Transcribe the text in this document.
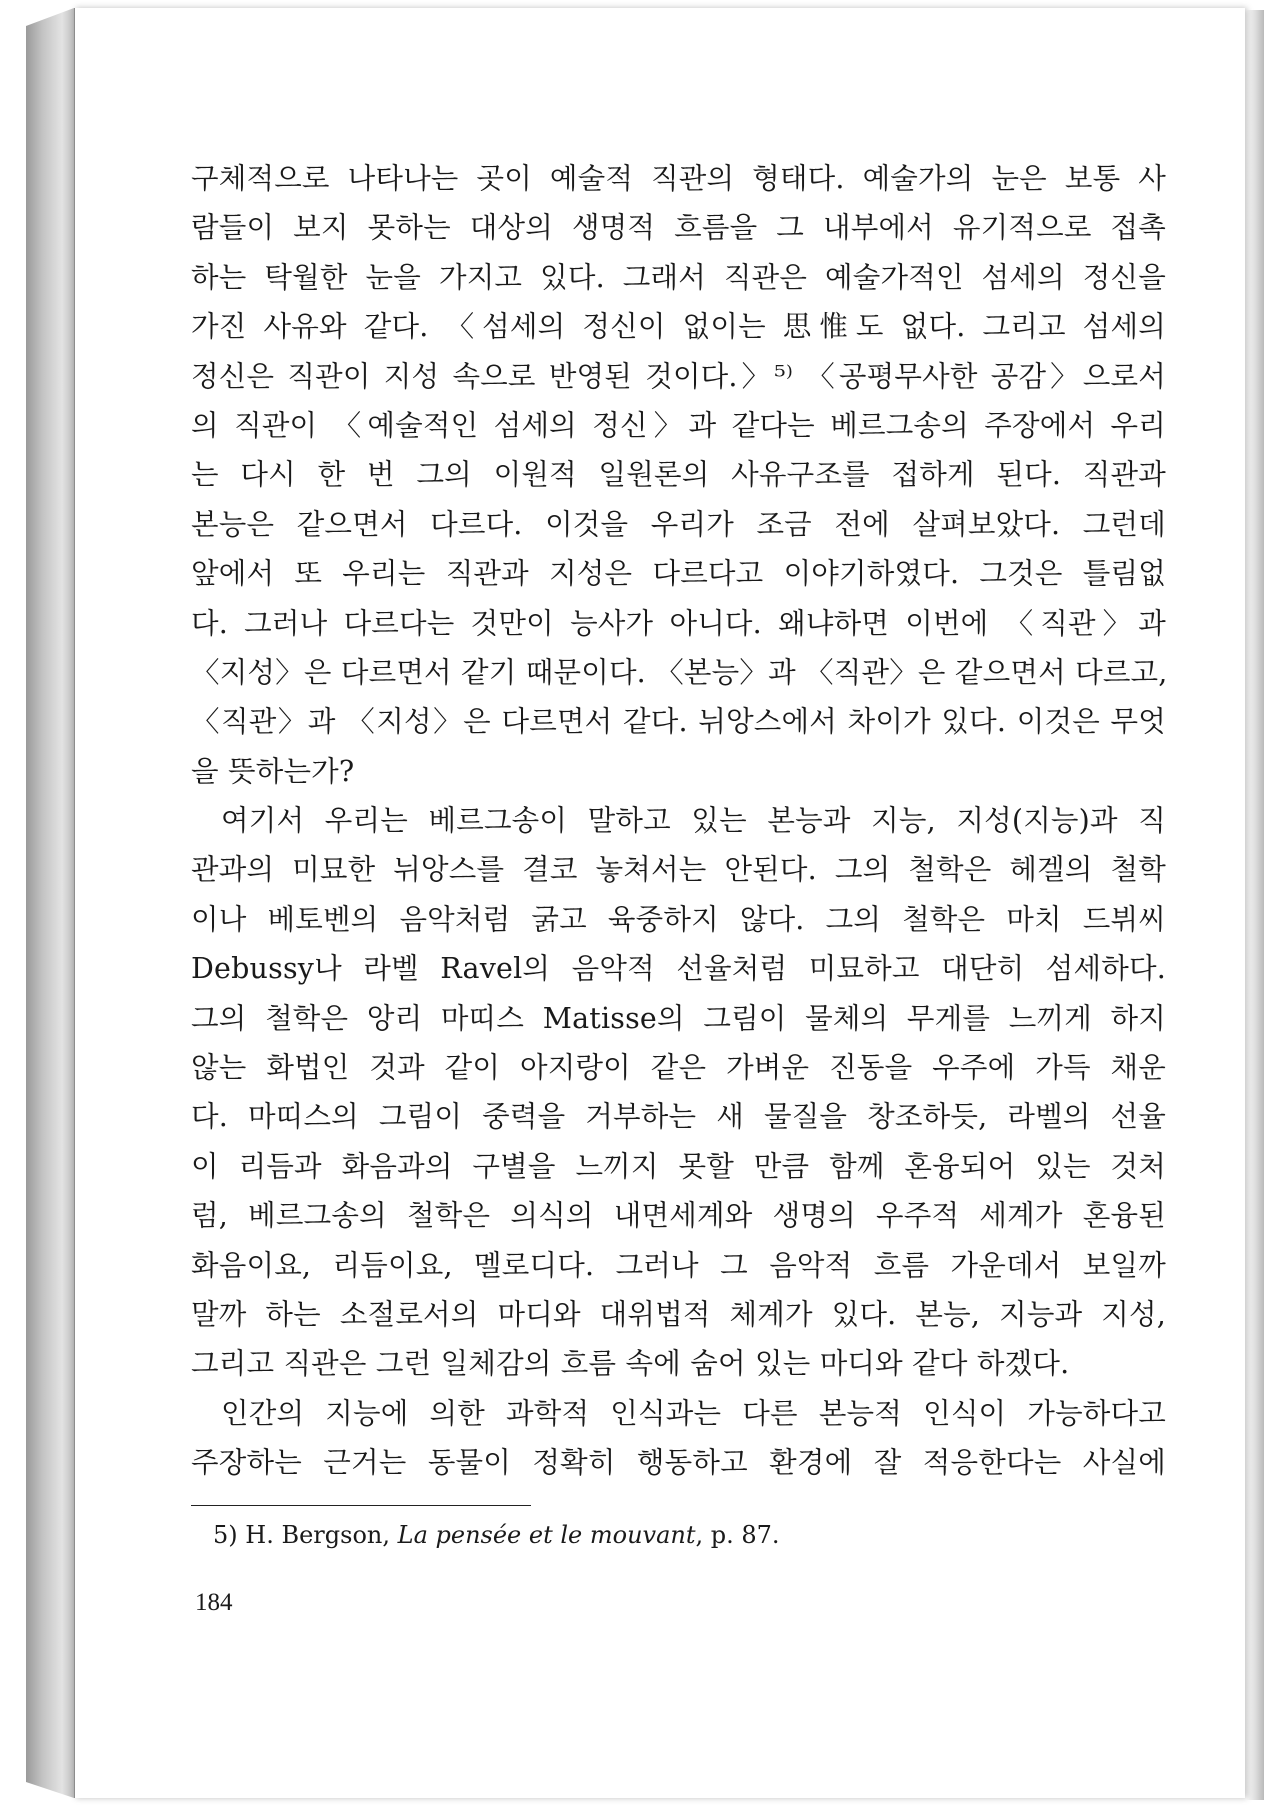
구체적으로 나타나는 곳이 예술적 직관의 형태다. 예술가의 눈은 보통 사
람들이 보지 못하는 대상의 생명적 흐름을 그 내부에서 유기적으로 접촉
하는 탁월한 눈을 가지고 있다. 그래서 직관은 예술가적인 섬세의 정신을
가진 사유와 같다. 〈섬세의 정신이 없이는 思惟도 없다. 그리고 섬세의
정신은 직관이 지성 속으로 반영된 것이다.〉⁵⁾ 〈공평무사한 공감〉으로서
의 직관이 〈예술적인 섬세의 정신〉과 같다는 베르그송의 주장에서 우리
는 다시 한 번 그의 이원적 일원론의 사유구조를 접하게 된다. 직관과
본능은 같으면서 다르다. 이것을 우리가 조금 전에 살펴보았다. 그런데
앞에서 또 우리는 직관과 지성은 다르다고 이야기하였다. 그것은 틀림없
다. 그러나 다르다는 것만이 능사가 아니다. 왜냐하면 이번에 〈직관〉과
〈지성〉은 다르면서 같기 때문이다. 〈본능〉과 〈직관〉은 같으면서 다르고,
〈직관〉과 〈지성〉은 다르면서 같다. 뉘앙스에서 차이가 있다. 이것은 무엇
을 뜻하는가?
여기서 우리는 베르그송이 말하고 있는 본능과 지능, 지성(지능)과 직
관과의 미묘한 뉘앙스를 결코 놓쳐서는 안된다. 그의 철학은 헤겔의 철학
이나 베토벤의 음악처럼 굵고 육중하지 않다. 그의 철학은 마치 드뷔씨
Debussy나 라벨 Ravel의 음악적 선율처럼 미묘하고 대단히 섬세하다.
그의 철학은 앙리 마띠스 Matisse의 그림이 물체의 무게를 느끼게 하지
않는 화법인 것과 같이 아지랑이 같은 가벼운 진동을 우주에 가득 채운
다. 마띠스의 그림이 중력을 거부하는 새 물질을 창조하듯, 라벨의 선율
이 리듬과 화음과의 구별을 느끼지 못할 만큼 함께 혼융되어 있는 것처
럼, 베르그송의 철학은 의식의 내면세계와 생명의 우주적 세계가 혼융된
화음이요, 리듬이요, 멜로디다. 그러나 그 음악적 흐름 가운데서 보일까
말까 하는 소절로서의 마디와 대위법적 체계가 있다. 본능, 지능과 지성,
그리고 직관은 그런 일체감의 흐름 속에 숨어 있는 마디와 같다 하겠다.
인간의 지능에 의한 과학적 인식과는 다른 본능적 인식이 가능하다고
주장하는 근거는 동물이 정확히 행동하고 환경에 잘 적응한다는 사실에
5) H. Bergson, La pensée et le mouvant, p. 87.
184
